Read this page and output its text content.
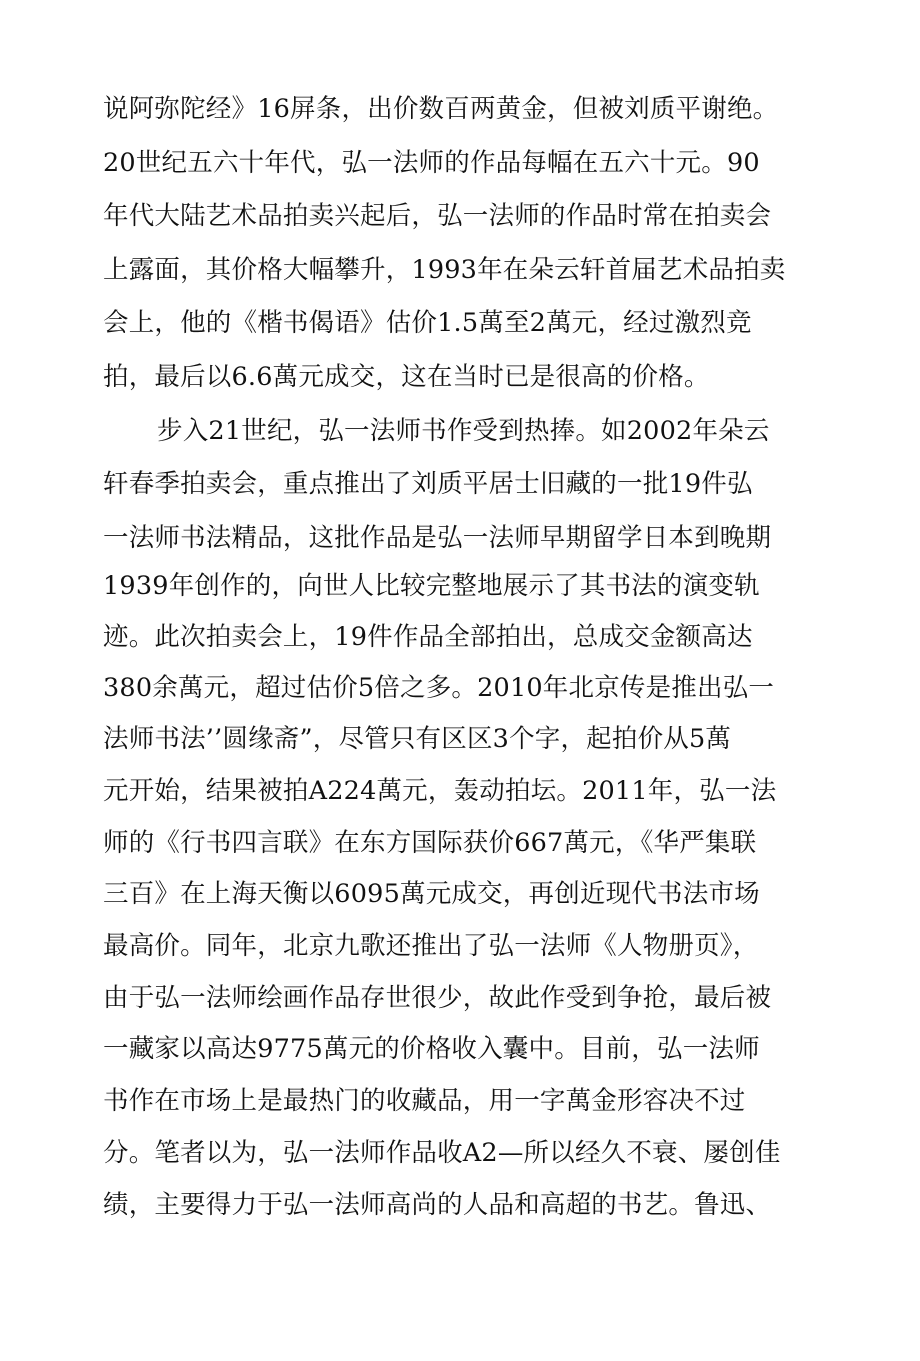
说阿弥陀经》16屏条，出价数百两黄金，但被刘质平谢绝。
20世纪五六十年代，弘一法师的作品每幅在五六十元。90
年代大陆艺术品拍卖兴起后，弘一法师的作品时常在拍卖会
上露面，其价格大幅攀升，1993年在朵云轩首届艺术品拍卖
会上，他的《楷书偈语》估价1.5萬至2萬元，经过激烈竞
拍，最后以6.6萬元成交，这在当时已是很高的价格。
步入21世纪，弘一法师书作受到热捧。如2002年朵云
轩春季拍卖会，重点推出了刘质平居士旧藏的一批19件弘
一法师书法精品，这批作品是弘一法师早期留学日本到晚期
1939年创作的，向世人比较完整地展示了其书法的演变轨
迹。此次拍卖会上，19件作品全部拍出，总成交金额高达
380余萬元，超过估价5倍之多。2010年北京传是推出弘一
法师书法’’圆缘斋”，尽管只有区区3个字，起拍价从5萬
元开始，结果被拍A224萬元，轰动拍坛。2011年，弘一法
师的《行书四言联》在东方国际获价667萬元，《华严集联
三百》在上海天衡以6095萬元成交，再创近现代书法市场
最高价。同年，北京九歌还推出了弘一法师《人物册页》，
由于弘一法师绘画作品存世很少，故此作受到争抢，最后被
一藏家以高达9775萬元的价格收入囊中。目前，弘一法师
书作在市场上是最热门的收藏品，用一字萬金形容决不过
分。笔者以为，弘一法师作品收A2—所以经久不衰、屡创佳
绩，主要得力于弘一法师高尚的人品和高超的书艺。鲁迅、
